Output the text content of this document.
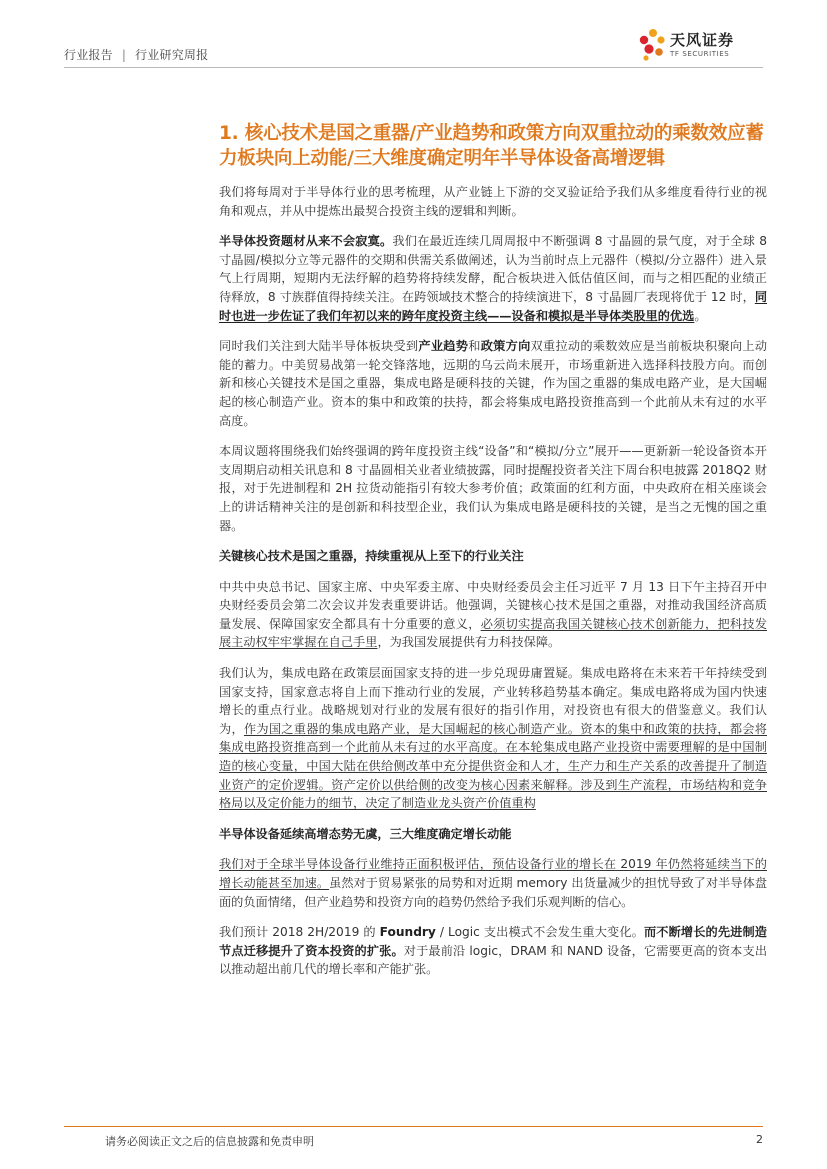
行业报告 | 行业研究周报
天风证券
TF SECURITIES
1. 核心技术是国之重器/产业趋势和政策方向双重拉动的乘数效应蓄力板块向上动能/三大维度确定明年半导体设备高增逻辑

我们将每周对于半导体行业的思考梳理，从产业链上下游的交叉验证给予我们从多维度看待行业的视角和观点，并从中提炼出最契合投资主线的逻辑和判断。

半导体投资题材从来不会寂寞。我们在最近连续几周周报中不断强调 8 寸晶圆的景气度，对于全球 8 寸晶圆/模拟分立等元器件的交期和供需关系做阐述，认为当前时点上元器件（模拟/分立器件）进入景气上行周期，短期内无法纾解的趋势将持续发酵，配合板块进入低估值区间，而与之相匹配的业绩正待释放，8 寸族群值得持续关注。在跨领域技术整合的持续演进下，8 寸晶圆厂表现将优于 12 时，同时也进一步佐证了我们年初以来的跨年度投资主线——设备和模拟是半导体类股里的优选。

同时我们关注到大陆半导体板块受到产业趋势和政策方向双重拉动的乘数效应是当前板块积聚向上动能的蓄力。中美贸易战第一轮交锋落地，远期的乌云尚未展开，市场重新进入选择科技股方向。而创新和核心关键技术是国之重器，集成电路是硬科技的关键，作为国之重器的集成电路产业，是大国崛起的核心制造产业。资本的集中和政策的扶持，都会将集成电路投资推高到一个此前从未有过的水平高度。

本周议题将围绕我们始终强调的跨年度投资主线“设备”和“模拟/分立”展开——更新新一轮设备资本开支周期启动相关讯息和 8 寸晶圆相关业者业绩披露，同时提醒投资者关注下周台积电披露 2018Q2 财报，对于先进制程和 2H 拉货动能指引有较大参考价值；政策面的红利方面，中央政府在相关座谈会上的讲话精神关注的是创新和科技型企业，我们认为集成电路是硬科技的关键，是当之无愧的国之重器。

关键核心技术是国之重器，持续重视从上至下的行业关注

中共中央总书记、国家主席、中央军委主席、中央财经委员会主任习近平 7 月 13 日下午主持召开中央财经委员会第二次会议并发表重要讲话。他强调，关键核心技术是国之重器，对推动我国经济高质量发展、保障国家安全都具有十分重要的意义，必须切实提高我国关键核心技术创新能力，把科技发展主动权牢牢掌握在自己手里，为我国发展提供有力科技保障。

我们认为，集成电路在政策层面国家支持的进一步兑现毋庸置疑。集成电路将在未来若干年持续受到国家支持，国家意志将自上而下推动行业的发展，产业转移趋势基本确定。集成电路将成为国内快速增长的重点行业。战略规划对行业的发展有很好的指引作用，对投资也有很大的借鉴意义。我们认为，作为国之重器的集成电路产业，是大国崛起的核心制造产业。资本的集中和政策的扶持，都会将集成电路投资推高到一个此前从未有过的水平高度。在本轮集成电路产业投资中需要理解的是中国制造的核心变量，中国大陆在供给侧改革中充分提供资金和人才，生产力和生产关系的改善提升了制造业资产的定价逻辑。资产定价以供给侧的改变为核心因素来解释。涉及到生产流程，市场结构和竞争格局以及定价能力的细节，决定了制造业龙头资产价值重构

半导体设备延续高增态势无虞，三大维度确定增长动能

我们对于全球半导体设备行业维持正面积极评估，预估设备行业的增长在 2019 年仍然将延续当下的增长动能甚至加速。虽然对于贸易紧张的局势和对近期 memory 出货量减少的担忧导致了对半导体盘面的负面情绪，但产业趋势和投资方向的趋势仍然给予我们乐观判断的信心。

我们预计 2018 2H/2019 的 Foundry / Logic 支出模式不会发生重大变化。而不断增长的先进制造节点迁移提升了资本投资的扩张。对于最前沿 logic，DRAM 和 NAND 设备，它需要更高的资本支出以推动超出前几代的增长率和产能扩张。

请务必阅读正文之后的信息披露和免责申明	2
